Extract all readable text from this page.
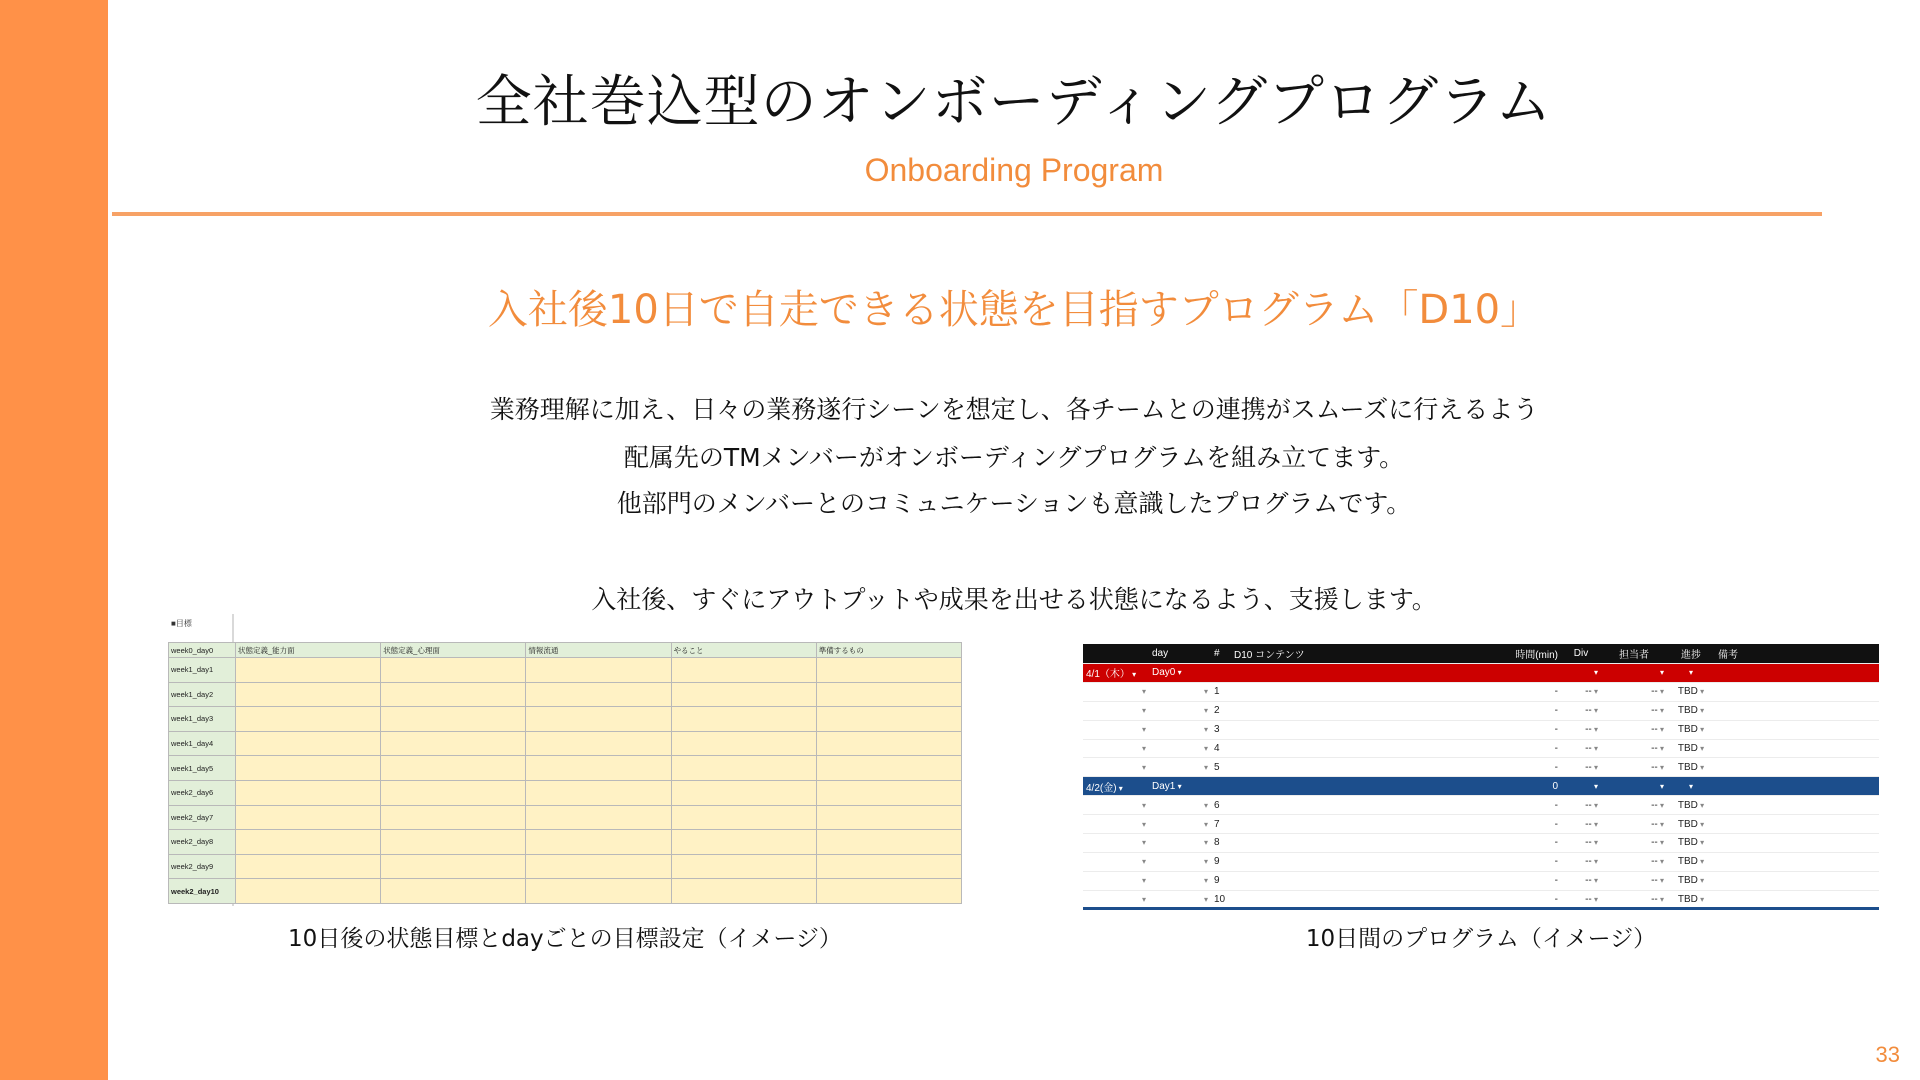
全社巻込型のオンボーディングプログラム
Onboarding Program
入社後10日で自走できる状態を目指すプログラム「D10」
業務理解に加え、日々の業務遂行シーンを想定し、各チームとの連携がスムーズに行えるよう
配属先のTMメンバーがオンボーディングプログラムを組み立てます。
他部門のメンバーとのコミュニケーションも意識したプログラムです。
入社後、すぐにアウトプットや成果を出せる状態になるよう、支援します。
■目標
week0_day0	状態定義_能力面	状態定義_心理面	情報流通	やること	準備するもの
week1_day1					
week1_day2					
week1_day3					
week1_day4					
week1_day5					
week2_day6					
week2_day7					
week2_day8					
week2_day9					
week2_day10					
10日後の状態目標とdayごとの目標設定（イメージ）
	day	#	D10 コンテンツ	時間(min)	Div	担当者	進捗	備考
4/1（木） ▾	Day0 ▾				▾	▾	▾	
▾	▾	1		-	-- ▾	-- ▾	TBD ▾	
▾	▾	2		-	-- ▾	-- ▾	TBD ▾	
▾	▾	3		-	-- ▾	-- ▾	TBD ▾	
▾	▾	4		-	-- ▾	-- ▾	TBD ▾	
▾	▾	5		-	-- ▾	-- ▾	TBD ▾	
4/2(金) ▾	Day1 ▾			0	▾	▾	▾	
▾	▾	6		-	-- ▾	-- ▾	TBD ▾	
▾	▾	7		-	-- ▾	-- ▾	TBD ▾	
▾	▾	8		-	-- ▾	-- ▾	TBD ▾	
▾	▾	9		-	-- ▾	-- ▾	TBD ▾	
▾	▾	9		-	-- ▾	-- ▾	TBD ▾	
▾	▾	10		-	-- ▾	-- ▾	TBD ▾	
10日間のプログラム（イメージ）
33
